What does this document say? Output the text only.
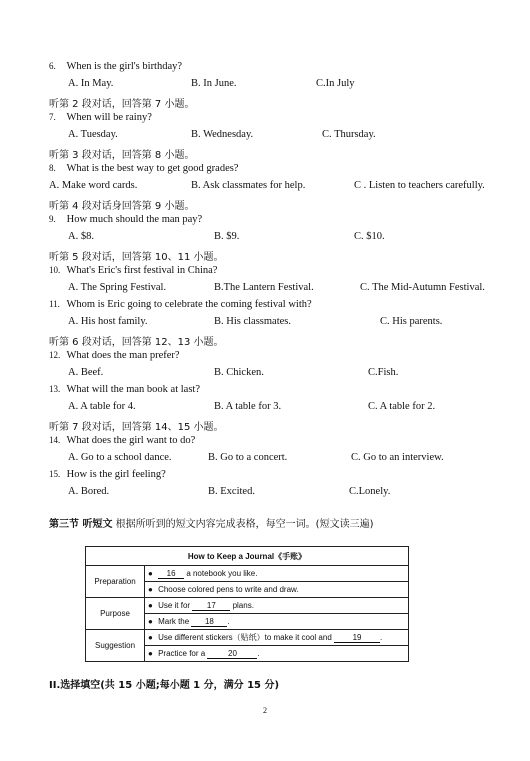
6. When is the girl's birthday?
A. In May.	B. In June.	C.In July
听第 2 段对话，回答第 7 小题。
7. When will be rainy?
A. Tuesday.	B. Wednesday.	C. Thursday.
听第 3 段对话，回答第 8 小题。
8. What is the best way to get good grades?
A. Make word cards.	B. Ask classmates for help.	C . Listen to teachers carefully.
听第 4 段对话身回答第 9 小题。
9. How much should the man pay?
A. $8.	B. $9.	C. $10.
听第 5 段对话，回答第 10、11 小题。
10. What's Eric's first festival in China?
A. The Spring Festival.	B.The Lantern Festival.	C. The Mid-Autumn Festival.
11. Whom is Eric going to celebrate the coming festival with?
A. His host family.	B. His classmates.	C. His parents.
听第 6 段对话，回答第 12、13 小题。
12. What does the man prefer?
A. Beef.	B. Chicken.	C.Fish.
13. What will the man book at last?
A. A table for 4.	B. A table for 3.	C. A table for 2.
听第 7 段对话，回答第 14、15 小题。
14. What does the girl want to do?
A. Go to a school dance.	B. Go to a concert.	C. Go to an interview.
15. How is the girl feeling?
A. Bored.	B. Excited.	C.Lonely.
第三节 听短文 根据所听到的短文内容完成表格，每空一词。(短文读三遍)
How to Keep a Journal《手账》	
Preparation	● 16 a notebook you like.
	● Choose colored pens to write and draw.
Purpose	● Use it for 17 plans.
	● Mark the 18 .
Suggestion	● Use different stickers（贴纸）to make it cool and 19 .
	● Practice for a 20 .
II.选择填空(共 15 小题;每小题 1 分，满分 15 分)
2
